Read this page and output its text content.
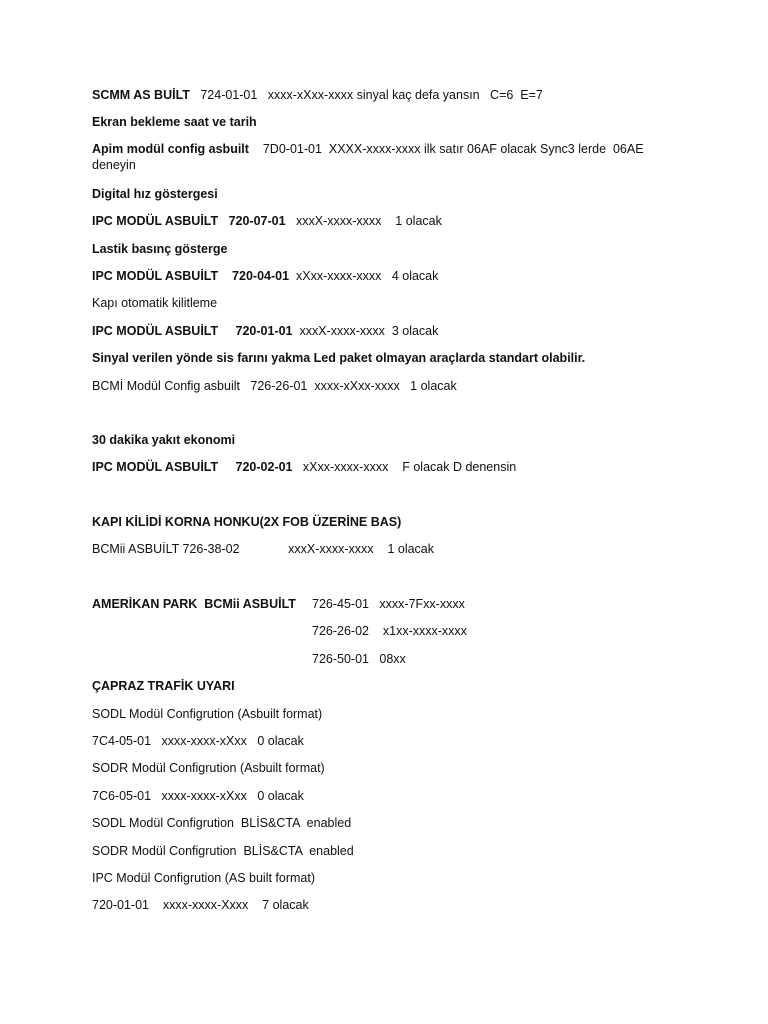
SCMM AS BUİLT   724-01-01   xxxx-xXxx-xxxx sinyal kaç defa yansın   C=6  E=7
Ekran bekleme saat ve tarih
Apim modül config asbuilt    7D0-01-01  XXXX-xxxx-xxxx ilk satır 06AF olacak Sync3 lerde  06AE deneyin
Digital hız göstergesi
IPC MODÜL ASBUİLT   720-07-01   xxxX-xxxx-xxxx    1 olacak
Lastik basınç gösterge
IPC MODÜL ASBUİLT    720-04-01  xXxx-xxxx-xxxx   4 olacak
Kapı otomatik kilitleme
IPC MODÜL ASBUİLT     720-01-01  xxxX-xxxx-xxxx  3 olacak
Sinyal verilen yönde sis farını yakma Led paket olmayan araçlarda standart olabilir.
BCMİ Modül Config asbuilt   726-26-01  xxxx-xXxx-xxxx   1 olacak
30 dakika yakıt ekonomi
IPC MODÜL ASBUİLT     720-02-01   xXxx-xxxx-xxxx    F olacak D denensin
KAPI KİLİDİ KORNA HONKU(2X FOB ÜZERİNE BAS)
BCMii ASBUİLT 726-38-02              xxxX-xxxx-xxxx    1 olacak
AMERİKAN PARK  BCMii ASBUİLT	726-45-01   xxxx-7Fxx-xxxx
726-26-02    x1xx-xxxx-xxxx
726-50-01   08xx
ÇAPRAZ TRAFİK UYARI
SODL Modül Configrution (Asbuilt format)
7C4-05-01   xxxx-xxxx-xXxx   0 olacak
SODR Modül Configrution (Asbuilt format)
7C6-05-01   xxxx-xxxx-xXxx   0 olacak
SODL Modül Configrution  BLİS&CTA  enabled
SODR Modül Configrution  BLİS&CTA  enabled
IPC Modül Configrution (AS built format)
720-01-01    xxxx-xxxx-Xxxx    7 olacak
